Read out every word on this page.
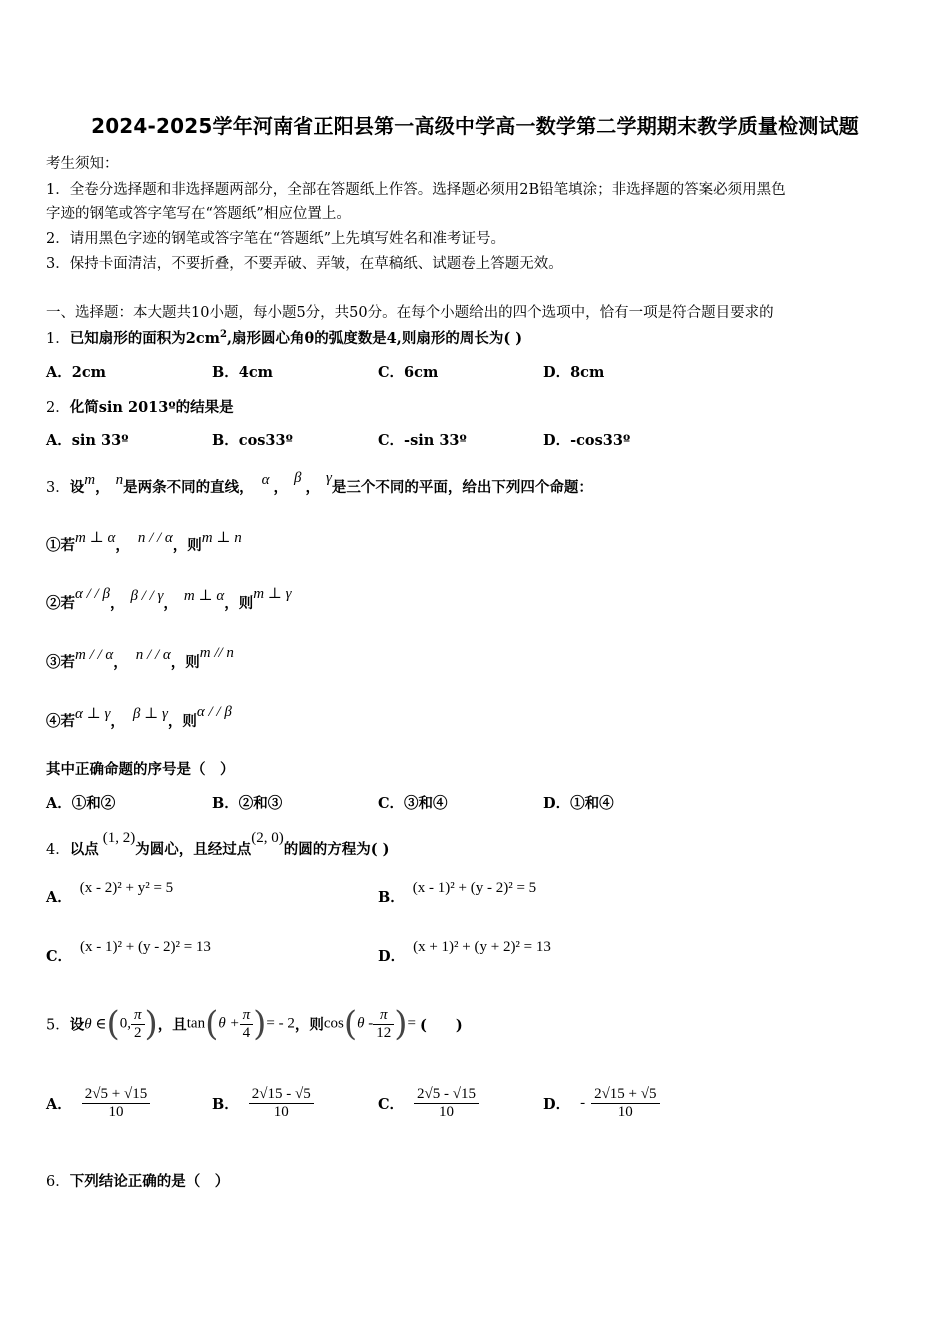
2024-2025学年河南省正阳县第一高级中学高一数学第二学期期末教学质量检测试题
考生须知：
1．全卷分选择题和非选择题两部分，全部在答题纸上作答。选择题必须用2B铅笔填涂；非选择题的答案必须用黑色
字迹的钢笔或答字笔写在“答题纸”相应位置上。
2．请用黑色字迹的钢笔或答字笔在“答题纸”上先填写姓名和准考证号。
3．保持卡面清洁，不要折叠，不要弄破、弄皱，在草稿纸、试题卷上答题无效。
一、选择题：本大题共10小题，每小题5分，共50分。在每个小题给出的四个选项中，恰有一项是符合题目要求的
1．已知扇形的面积为$2cm^2$,扇形圆心角θ的弧度数是4,则扇形的周长为( )
A．2cm	B．4cm	C．6cm	D．8cm
2．化简sin 2013º的结果是
A．sin 33º	B．cos33º	C．-sin 33º	D．-cos33º
3．设m， n是两条不同的直线， α ，β，γ是三个不同的平面，给出下列四个命题：
①若m ⊥ α， n / / α，则m ⊥ n
②若α / / β， β / / γ， m ⊥ α，则m ⊥ γ
③若m / / α， n / / α，则m // n
④若α ⊥ γ， β ⊥ γ，则α / / β
其中正确命题的序号是（　）
A．①和②	B．②和③	C．③和④	D．①和④
4．以点(1, 2)为圆心，且经过点(2, 0)的圆的方程为( )
A．(x - 2)² + y² = 5
B．(x - 1)² + (y - 2)² = 5
C．(x - 1)² + (y - 2)² = 13
D．(x + 1)² + (y + 2)² = 13
5．设θ ∈(0, $\frac{\pi}{2}$ )，且$\tan(\theta + \frac{\pi}{4}$ )= - 2，则$\cos(\theta - \frac{\pi}{12}$ )= (　　)
A． $\frac{2√5 + √15}{10}$	B． $\frac{2√15 - √5}{10}$	C． $\frac{2√5 - √15}{10}$	D． - $\frac{2√15 + √5}{10}$
6．下列结论正确的是（　）
